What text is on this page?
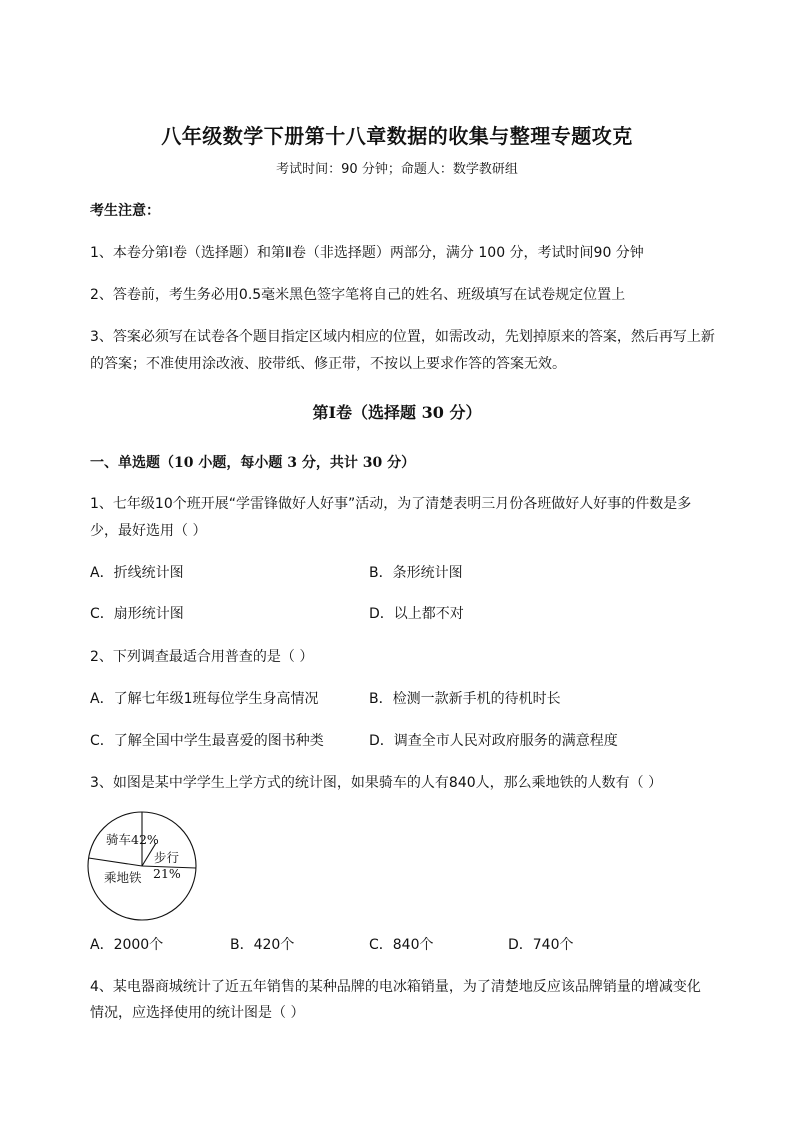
八年级数学下册第十八章数据的收集与整理专题攻克
考试时间：90 分钟；命题人：数学教研组
考生注意：
1、本卷分第Ⅰ卷（选择题）和第Ⅱ卷（非选择题）两部分，满分 100 分，考试时间90 分钟
2、答卷前，考生务必用0.5毫米黑色签字笔将自己的姓名、班级填写在试卷规定位置上
3、答案必须写在试卷各个题目指定区域内相应的位置，如需改动，先划掉原来的答案，然后再写上新
的答案；不准使用涂改液、胶带纸、修正带，不按以上要求作答的答案无效。
第Ⅰ卷（选择题 30 分）
一、单选题（10 小题，每小题 3 分，共计 30 分）
1、七年级10个班开展“学雷锋做好人好事”活动，为了清楚表明三月份各班做好人好事的件数是多
少，最好选用（ ）
A．折线统计图	B．条形统计图
C．扇形统计图	D．以上都不对
2、下列调查最适合用普查的是（ ）
A．了解七年级1班每位学生身高情况	B．检测一款新手机的待机时长
C．了解全国中学生最喜爱的图书种类	D．调查全市人民对政府服务的满意程度
3、如图是某中学学生上学方式的统计图，如果骑车的人有840人，那么乘地铁的人数有（ ）
骑车42%
步行
21%
乘地铁
A．2000个	B．420个	C．840个	D．740个
4、某电器商城统计了近五年销售的某种品牌的电冰箱销量，为了清楚地反应该品牌销量的增减变化
情况，应选择使用的统计图是（ ）
